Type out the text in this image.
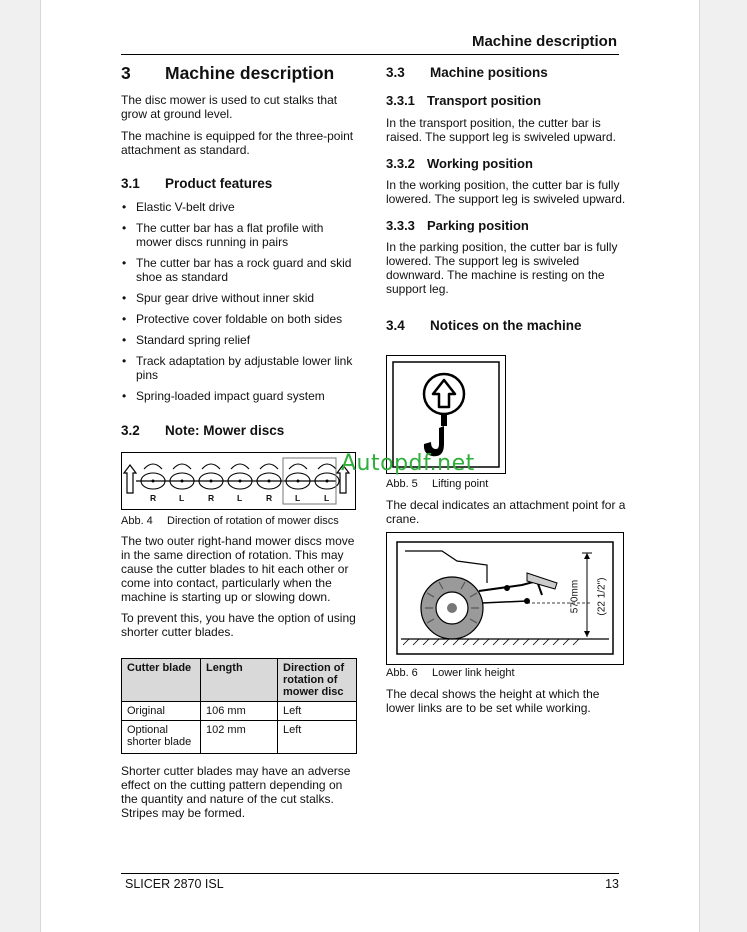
Machine description
3 Machine description

The disc mower is used to cut stalks that grow at ground level.

The machine is equipped for the three-point attachment as standard.

3.1 Product features
• Elastic V-belt drive
• The cutter bar has a flat profile with mower discs running in pairs
• The cutter bar has a rock guard and skid shoe as standard
• Spur gear drive without inner skid
• Protective cover foldable on both sides
• Standard spring relief
• Track adaptation by adjustable lower link pins
• Spring-loaded impact guard system
3.2 Note: Mower discs
R	L	R	L	R	L	L
Abb. 4 Direction of rotation of mower discs

The two outer right-hand mower discs move in the same direction of rotation. This may cause the cutter blades to hit each other or come into contact, particularly when the machine is starting up or slowing down.

To prevent this, you have the option of using shorter cutter blades.

Cutter blade	Length	Direction of rotation of mower disc
Original	106 mm	Left
Optional shorter blade	102 mm	Left

Shorter cutter blades may have an adverse effect on the cutting pattern depending on the quantity and nature of the cut stalks. Stripes may be formed.

3.3 Machine positions
3.3.1 Transport position

In the transport position, the cutter bar is raised. The support leg is swiveled upward.

3.3.2 Working position

In the working position, the cutter bar is fully lowered. The support leg is swiveled upward.

3.3.3 Parking position

In the parking position, the cutter bar is fully lowered. The support leg is swiveled downward. The machine is resting on the support leg.

3.4 Notices on the machine
Abb. 5 Lifting point

The decal indicates an attachment point for a crane.

570mm (22 1/2")
Abb. 6 Lower link height

The decal shows the height at which the lower links are to be set while working.

Autopdf.net
SLICER 2870 ISL	13
